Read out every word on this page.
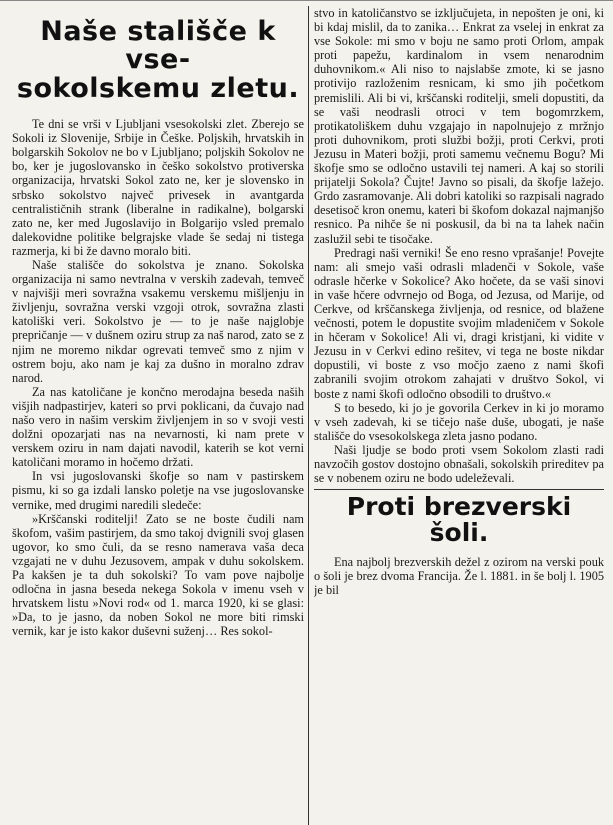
Naše stališče k vse-
sokolskemu zletu.

Te dni se vrši v Ljubljani vsesokolski zlet. Zberejo se Sokoli iz Slovenije, Srbije in Češke. Poljskih, hrvatskih in bolgarskih Sokolov ne bo v Ljubljano; poljskih Sokolov ne bo, ker je jugoslovansko in češko sokolstvo protiverska organizacija, hrvatski Sokol zato ne, ker je slovensko in srbsko sokolstvo največ privesek in avantgarda centralističnih strank (liberalne in radikalne), bolgarski zato ne, ker med Jugoslavijo in Bolgarijo vsled premalo dalekovidne politike belgrajske vlade še sedaj ni tistega razmerja, ki bi že davno moralo biti.

Naše stališče do sokolstva je znano. Sokolska organizacija ni samo nevtralna v verskih zadevah, temveč v najvišji meri sovražna vsakemu verskemu mišljenju in življenju, sovražna verski vzgoji otrok, sovražna zlasti katoliški veri. Sokolstvo je — to je naše najglobje prepričanje — v dušnem oziru strup za naš narod, zato se z njim ne moremo nikdar ogrevati temveč smo z njim v ostrem boju, ako nam je kaj za dušno in moralno zdrav narod.

Za nas katoličane je končno merodajna beseda naših višjih nadpastirjev, kateri so prvi poklicani, da čuvajo nad našo vero in našim verskim življenjem in so v svoji vesti dolžni opozarjati nas na nevarnosti, ki nam prete v verskem oziru in nam dajati navodil, katerih se kot verni katoličani moramo in hočemo držati.

In vsi jugoslovanski škofje so nam v pastirskem pismu, ki so ga izdali lansko poletje na vse jugoslovanske vernike, med drugimi naredili sledeče:

»Krščanski roditelji! Zato se ne boste čudili nam škofom, vašim pastirjem, da smo takoj dvignili svoj glasen ugovor, ko smo čuli, da se resno namerava vaša deca vzgajati ne v duhu Jezusovem, ampak v duhu sokolskem. Pa kakšen je ta duh sokolski? To vam pove najbolje odločna in jasna beseda nekega Sokola v imenu vseh v hrvatskem listu »Novi rod« od 1. marca 1920, ki se glasi: »Da, to je jasno, da noben Sokol ne more biti rimski vernik, kar je isto kakor duševni suženj… Res sokol-

stvo in katoličanstvo se izključujeta, in nepošten je oni, ki bi kdaj mislil, da to zanika… Enkrat za vselej in enkrat za vse Sokole: mi smo v boju ne samo proti Orlom, ampak proti papežu, kardinalom in vsem nenarodnim duhovnikom.« Ali niso to najslabše zmote, ki se jasno protivijo razloženim resnicam, ki smo jih početkom premislili. Ali bi vi, krščanski roditelji, smeli dopustiti, da se vaši neodrasli otroci v tem bogomrzkem, protikatoliškem duhu vzgajajo in napolnujejo z mržnjo proti duhovnikom, proti službi božji, proti Cerkvi, proti Jezusu in Materi božji, proti samemu večnemu Bogu? Mi škofje smo se odločno ustavili tej nameri. A kaj so storili prijatelji Sokola? Čujte! Javno so pisali, da škofje lažejo. Grdo zasramovanje. Ali dobri katoliki so razpisali nagrado desetisoč kron onemu, kateri bi škofom dokazal najmanjšo resnico. Pa nihče še ni poskusil, da bi na ta lahek način zaslužil sebi te tisočake.

Predragi naši verniki! Še eno resno vprašanje! Povejte nam: ali smejo vaši odrasli mladenči v Sokole, vaše odrasle hčerke v Sokolice? Ako hočete, da se vaši sinovi in vaše hčere odvrnejo od Boga, od Jezusa, od Marije, od Cerkve, od krščanskega življenja, od resnice, od blažene večnosti, potem le dopustite svojim mladeničem v Sokole in hčeram v Sokolice! Ali vi, dragi kristjani, ki vidite v Jezusu in v Cerkvi edino rešitev, vi tega ne boste nikdar dopustili, vi boste z vso močjo zaeno z nami škofi zabranili svojim otrokom zahajati v društvo Sokol, vi boste z nami škofi odločno obsodili to društvo.«

S to besedo, ki jo je govorila Cerkev in ki jo moramo v vseh zadevah, ki se tičejo naše duše, ubogati, je naše stališče do vsesokolskega zleta jasno podano.

Naši ljudje se bodo proti vsem Sokolom zlasti radi navzočih gostov dostojno obnašali, sokolskih prireditev pa se v nobenem oziru ne bodo udeleževali.

Proti brezverski šoli.

Ena najbolj brezverskih dežel z ozirom na verski pouk o šoli je brez dvoma Francija. Že l. 1881. in še bolj l. 1905 je bil
